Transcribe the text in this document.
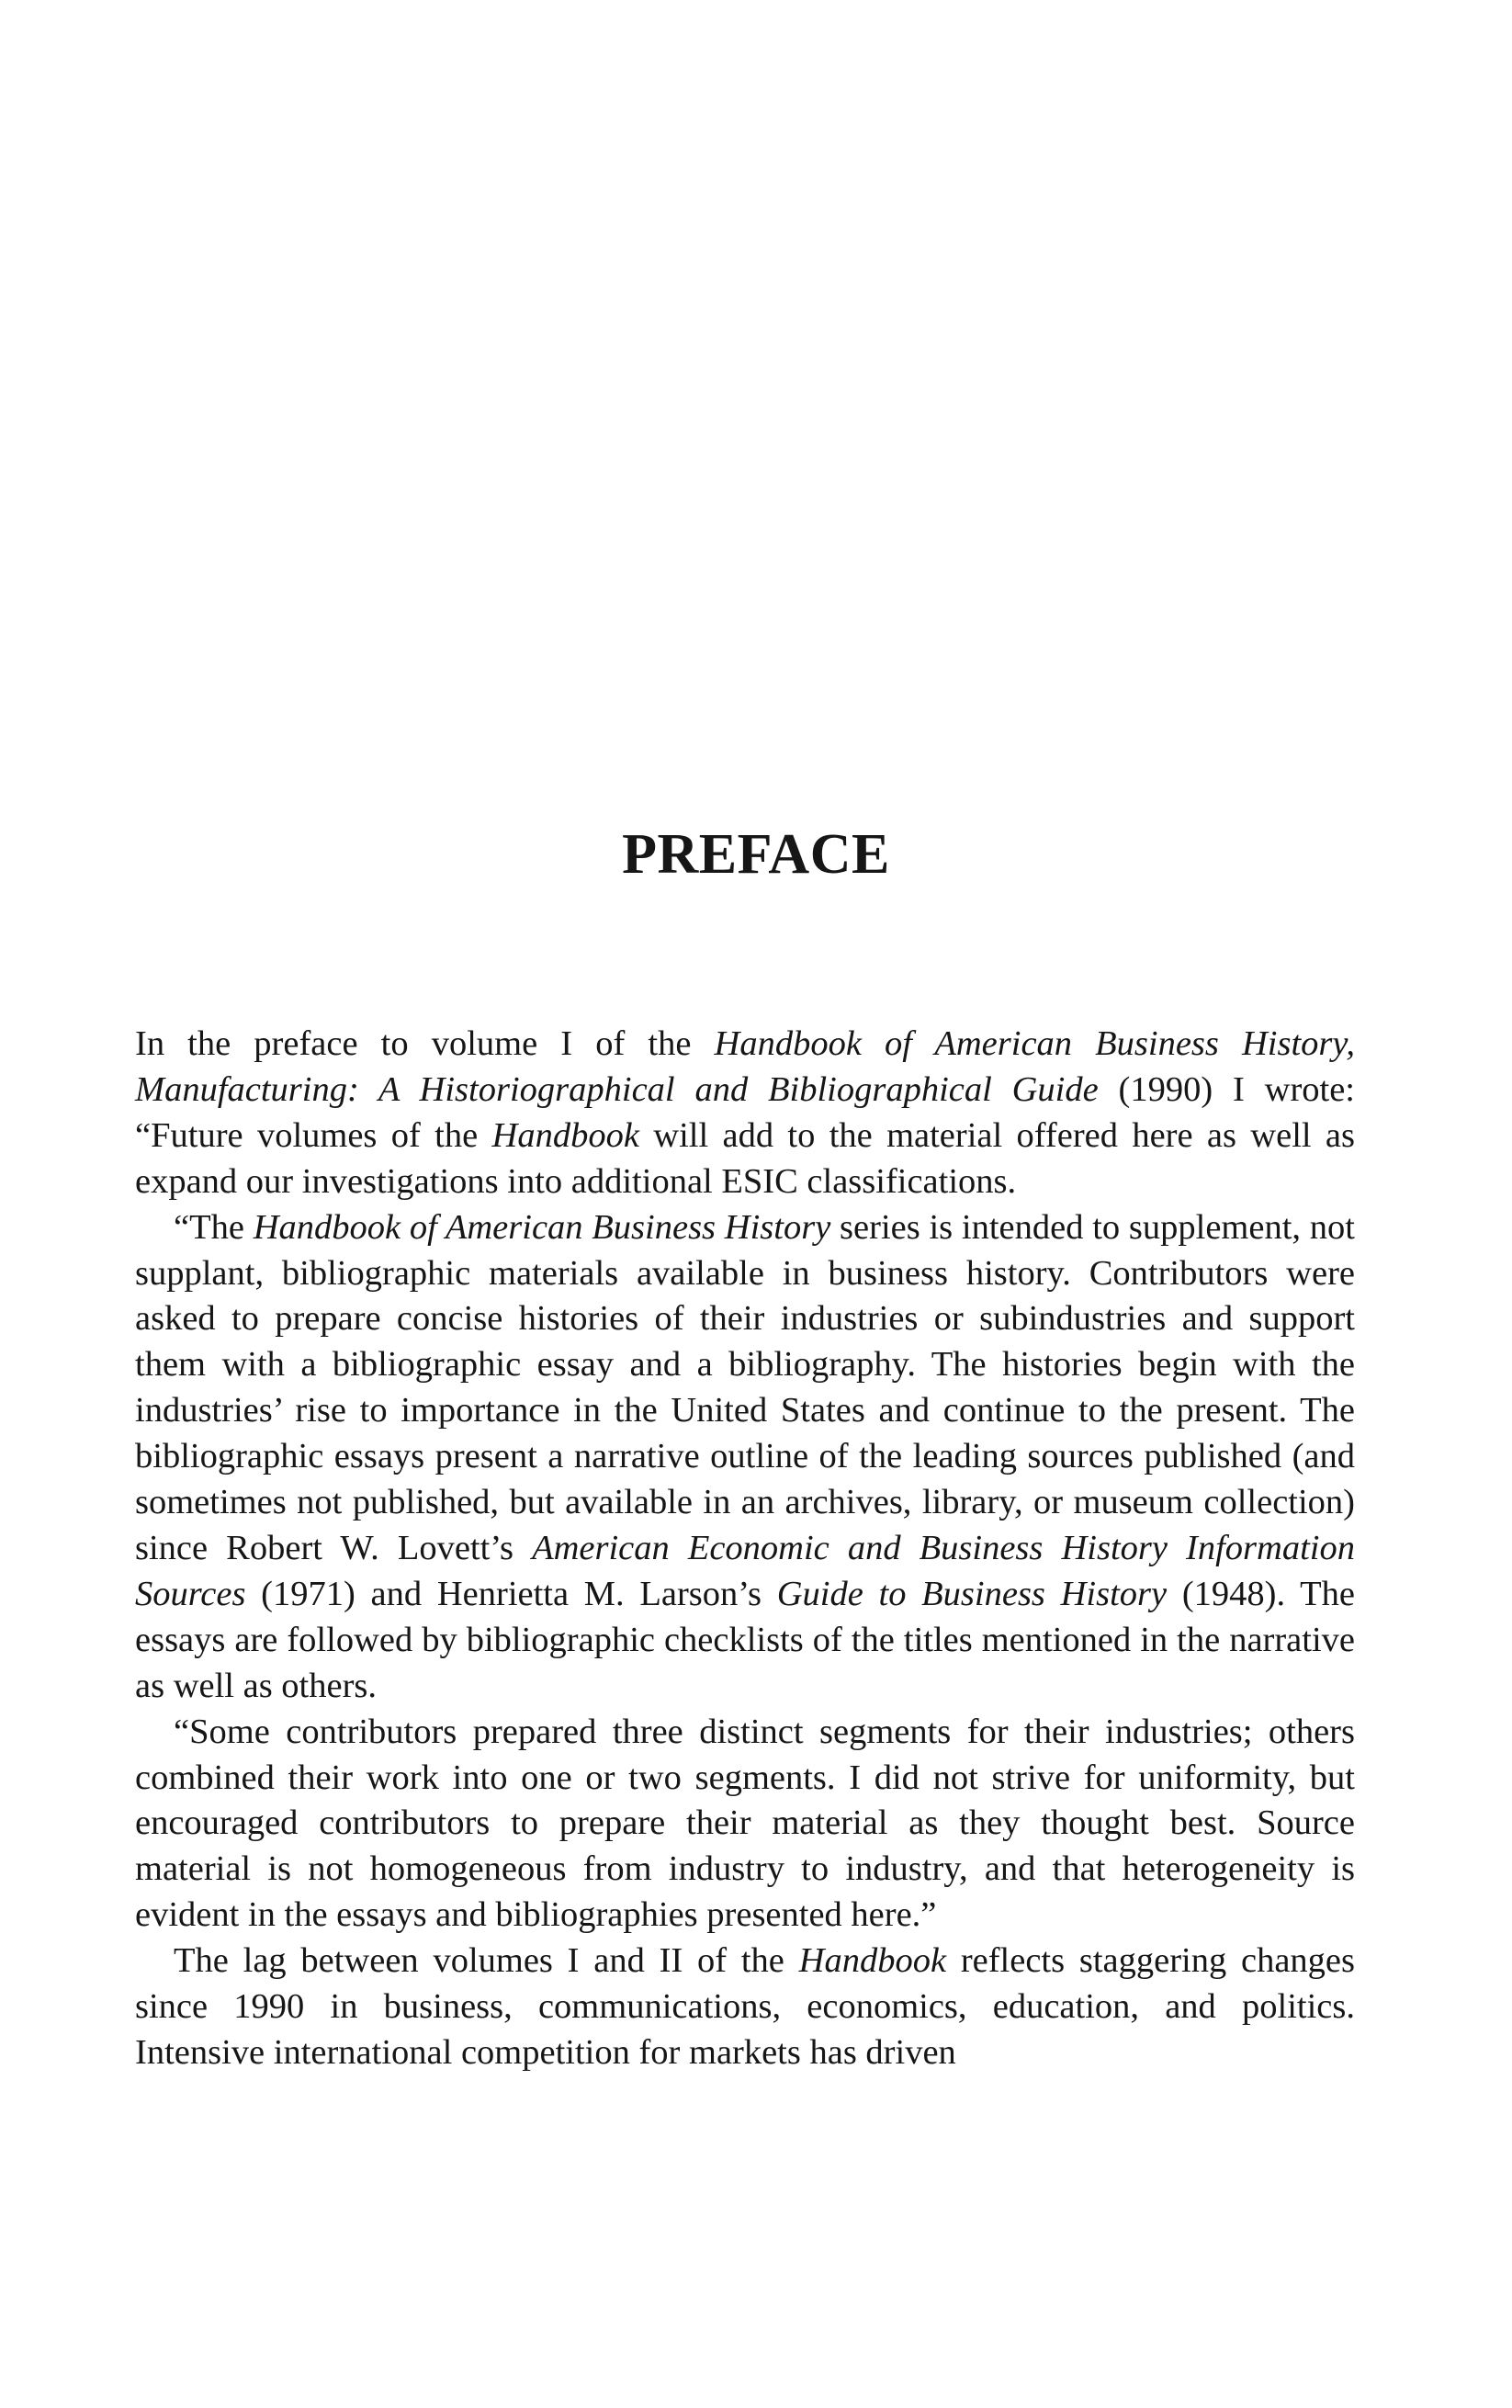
PREFACE

In the preface to volume I of the Handbook of American Business History, Manufacturing: A Historiographical and Bibliographical Guide (1990) I wrote: “Future volumes of the Handbook will add to the material offered here as well as expand our investigations into additional ESIC classifications.

“The Handbook of American Business History series is intended to supplement, not supplant, bibliographic materials available in business history. Contributors were asked to prepare concise histories of their industries or subindustries and support them with a bibliographic essay and a bibliography. The histories begin with the industries’ rise to importance in the United States and continue to the present. The bibliographic essays present a narrative outline of the leading sources published (and sometimes not published, but available in an archives, library, or museum collection) since Robert W. Lovett’s American Economic and Business History Information Sources (1971) and Henrietta M. Larson’s Guide to Business History (1948). The essays are followed by bibliographic checklists of the titles mentioned in the narrative as well as others.

“Some contributors prepared three distinct segments for their industries; others combined their work into one or two segments. I did not strive for uniformity, but encouraged contributors to prepare their material as they thought best. Source material is not homogeneous from industry to industry, and that heterogeneity is evident in the essays and bibliographies presented here.”

The lag between volumes I and II of the Handbook reflects staggering changes since 1990 in business, communications, economics, education, and politics. Intensive international competition for markets has driven
